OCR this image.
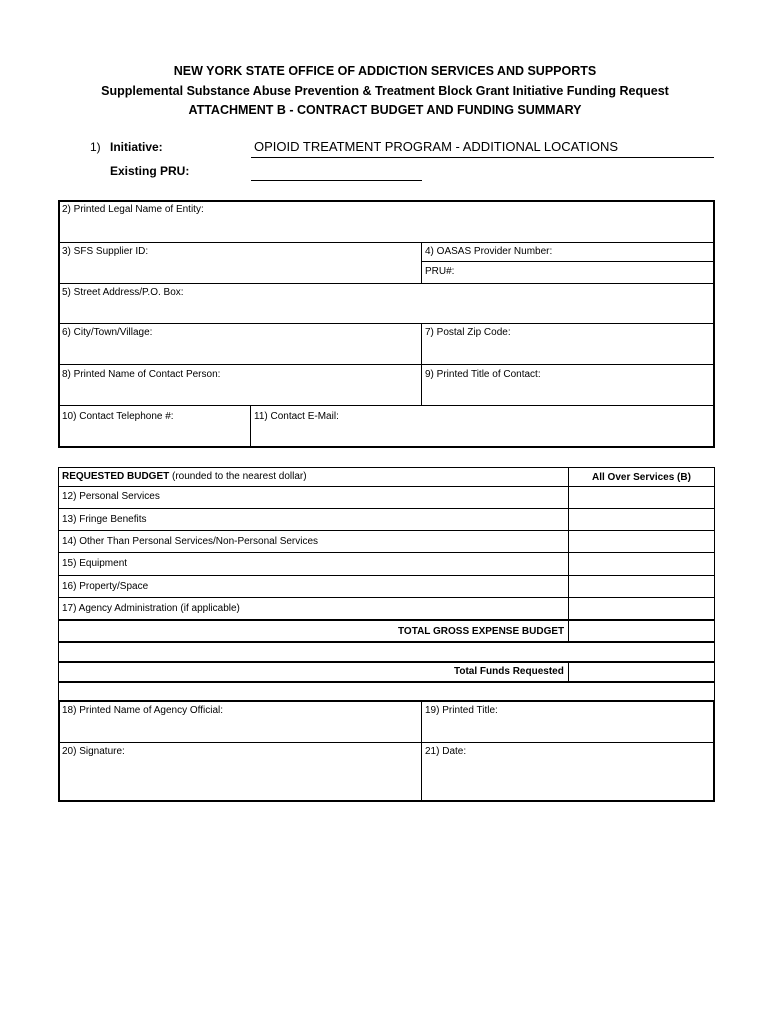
NEW YORK STATE OFFICE OF ADDICTION SERVICES AND SUPPORTS
Supplemental Substance Abuse Prevention & Treatment Block Grant Initiative Funding Request
ATTACHMENT B - CONTRACT BUDGET AND FUNDING SUMMARY
1) Initiative:	OPIOID TREATMENT PROGRAM - ADDITIONAL LOCATIONS
Existing PRU:
2) Printed Legal Name of Entity:
3) SFS Supplier ID:	4) OASAS Provider Number:
PRU#:
5) Street Address/P.O. Box:
6) City/Town/Village:	7) Postal Zip Code:
8) Printed Name of Contact Person:	9) Printed Title of Contact:
10) Contact Telephone #:	11) Contact E-Mail:
REQUESTED BUDGET (rounded to the nearest dollar)	All Over Services (B)
12) Personal Services
13) Fringe Benefits
14) Other Than Personal Services/Non-Personal Services
15) Equipment
16) Property/Space
17) Agency Administration (if applicable)
TOTAL GROSS EXPENSE BUDGET
Total Funds Requested
18) Printed Name of Agency Official:	19) Printed Title:
20) Signature:	21) Date:
